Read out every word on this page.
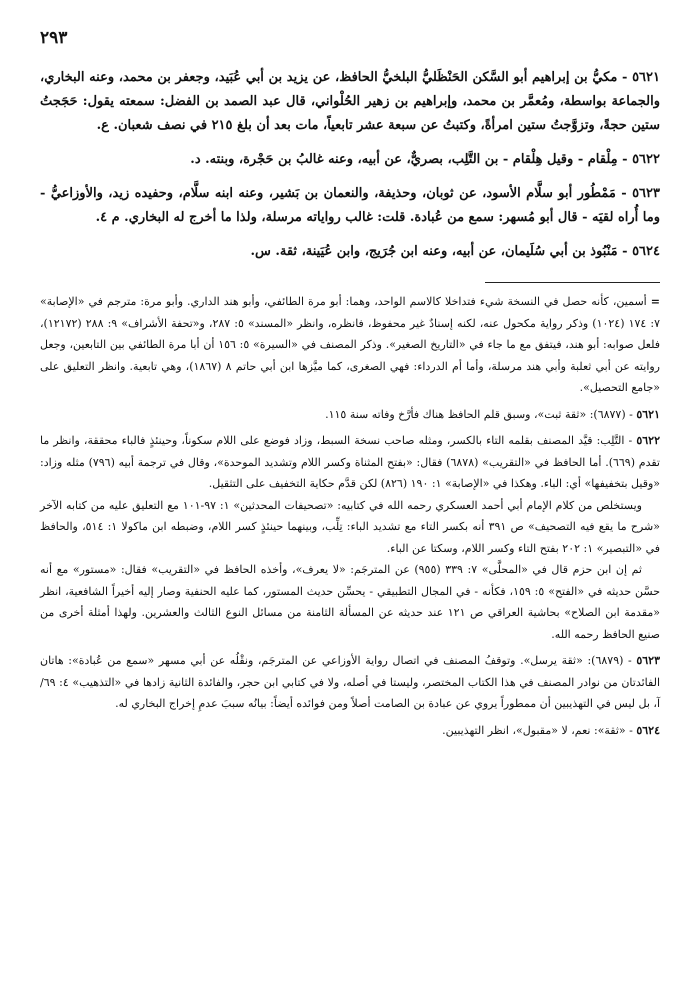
٢٩٣

٥٦٢١ - مكيُّ بن إبراهيم أبو السَّكن الحَنْظَليُّ البلخيُّ الحافظ، عن يزيد بن أبي عُبَيد، وجعفر بن محمد، وعنه البخاري، والجماعة بواسطة، ومُعمَّر بن محمد، وإبراهيم بن زهير الحُلْواني، قال عبد الصمد بن الفضل: سمعته يقول: حَجَجتُ ستين حجةً، وتزوَّجتُ ستين امرأةً، وكتبتُ عن سبعة عشر تابعياً، مات بعد أن بلغ ٢١٥ في نصف شعبان. ع.

٥٦٢٢ - مِلْقام - وقيل هِلْقام - بن التَّلِب، بصريٌّ، عن أبيه، وعنه غالبُ بن حَجْرة، وبنته. د.

٥٦٢٣ - مَمْطُور أبو سلَّام الأسود، عن ثوبان، وحذيفة، والنعمان بن بَشير، وعنه ابنه سلَّام، وحفيده زيد، والأوزاعيُّ - وما أُراه لقيَه - قال أبو مُسهر: سمع من عُبادة. قلت: غالب رواياته مرسلة، ولذا ما أخرج له البخاري. م ٤.

٥٦٢٤ - مَنْبُوذ بن أبي سُلَيمان، عن أبيه، وعنه ابن جُرَيج، وابن عُيَينة، ثقة. س.

= أسمين، كأنه حصل في النسخة شيء فتداخلا كالاسم الواحد، وهما: أبو مرة الطائفي، وأبو هند الداري. وأبو مرة: مترجم في «الإصابة» ٧: ١٧٤ (١٠٢٤) وذكر رواية مكحول عنه، لكنه إسنادٌ غير محفوظ، فانظره، وانظر «المسند» ٥: ٢٨٧، و«تحفة الأشراف» ٩: ٢٨٨ (١٢١٧٢)، فلعل صوابه: أبو هند، فيتفق مع ما جاء في «التاريخ الصغير». وذكر المصنف في «السيرة» ٥: ١٥٦ أن أبا مرة الطائفي بين التابعين، وجعل روايته عن أبي ثعلبة وأبي هند مرسلة، وأما أم الدرداء: فهي الصغرى، كما ميَّزها ابن أبي حاتم ٨ (١٨٦٧)، وهي تابعية. وانظر التعليق على «جامع التحصيل».

٥٦٢١ - (٦٨٧٧): «ثقة ثبت»، وسبق قلم الحافظ هناك فأرَّخ وفاته سنة ١١٥.

٥٦٢٢ - التَّلِب: قيَّد المصنف بقلمه التاء بالكسر، ومثله صاحب نسخة السبط، وزاد فوضع على اللام سكوناً، وحينئذٍ فالباء محققة، وانظر ما تقدم (٦٦٩). أما الحافظ في «التقريب» (٦٨٧٨) فقال: «بفتح المثناة وكسر اللام وتشديد الموحدة»، وقال في ترجمة أبيه (٧٩٦) مثله وزاد: «وقيل بتخفيفها» أي: الباء. وهكذا في «الإصابة» ١: ١٩٠ (٨٢٦) لكن قدَّم حكاية التخفيف على التثقيل.

ويستخلص من كلام الإمام أبي أحمد العسكري رحمه الله في كتابيه: «تصحيفات المحدثين» ١: ٩٧-١٠١ مع التعليق عليه من كتابه الآخر «شرح ما يقع فيه التصحيف» ص ٣٩١ أنه بكسر التاء مع تشديد الباء: تِلِّب، وبينهما حينئذٍ كسر اللام، وضبطه ابن ماكولا ١: ٥١٤، والحافظ في «التبصير» ١: ٢٠٢ بفتح التاء وكسر اللام، وسكتا عن الباء.

ثم إن ابن حزم قال في «المحلَّى» ٧: ٣٣٩ (٩٥٥) عن المترجَم: «لا يعرف»، وأخذه الحافظ في «التقريب» فقال: «مستور» مع أنه حسَّن حديثه في «الفتح» ٥: ١٥٩، فكأنه - في المجال التطبيقي - يحسِّن حديث المستور، كما عليه الحنفية وصار إليه أخيراً الشافعية، انظر «مقدمة ابن الصلاح» بحاشية العراقي ص ١٢١ عند حديثه عن المسألة الثامنة من مسائل النوع الثالث والعشرين. ولهذا أمثلة أخرى من صنيع الحافظ رحمه الله.

٥٦٢٣ - (٦٨٧٩): «ثقة يرسل». وتوقفُ المصنف في اتصال رواية الأوزاعي عن المترجَم، ونقْلُه عن أبي مسهر «سمع من عُبادة»: هاتان الفائدتان من نوادر المصنف في هذا الكتاب المختصر، وليستا في أصله، ولا في كتابي ابن حجر، والفائدة الثانية زادها في «التذهيب» ٤: ٦٩/آ، بل ليس في التهذيبين أن ممطوراً يروي عن عبادة بن الصامت أصلاً ومن فوائده أيضاً: بيانُه سببَ عدمِ إخراج البخاري له.

٥٦٢٤ - «ثقة»: نعم، لا «مقبول»، انظر التهذيبين.
